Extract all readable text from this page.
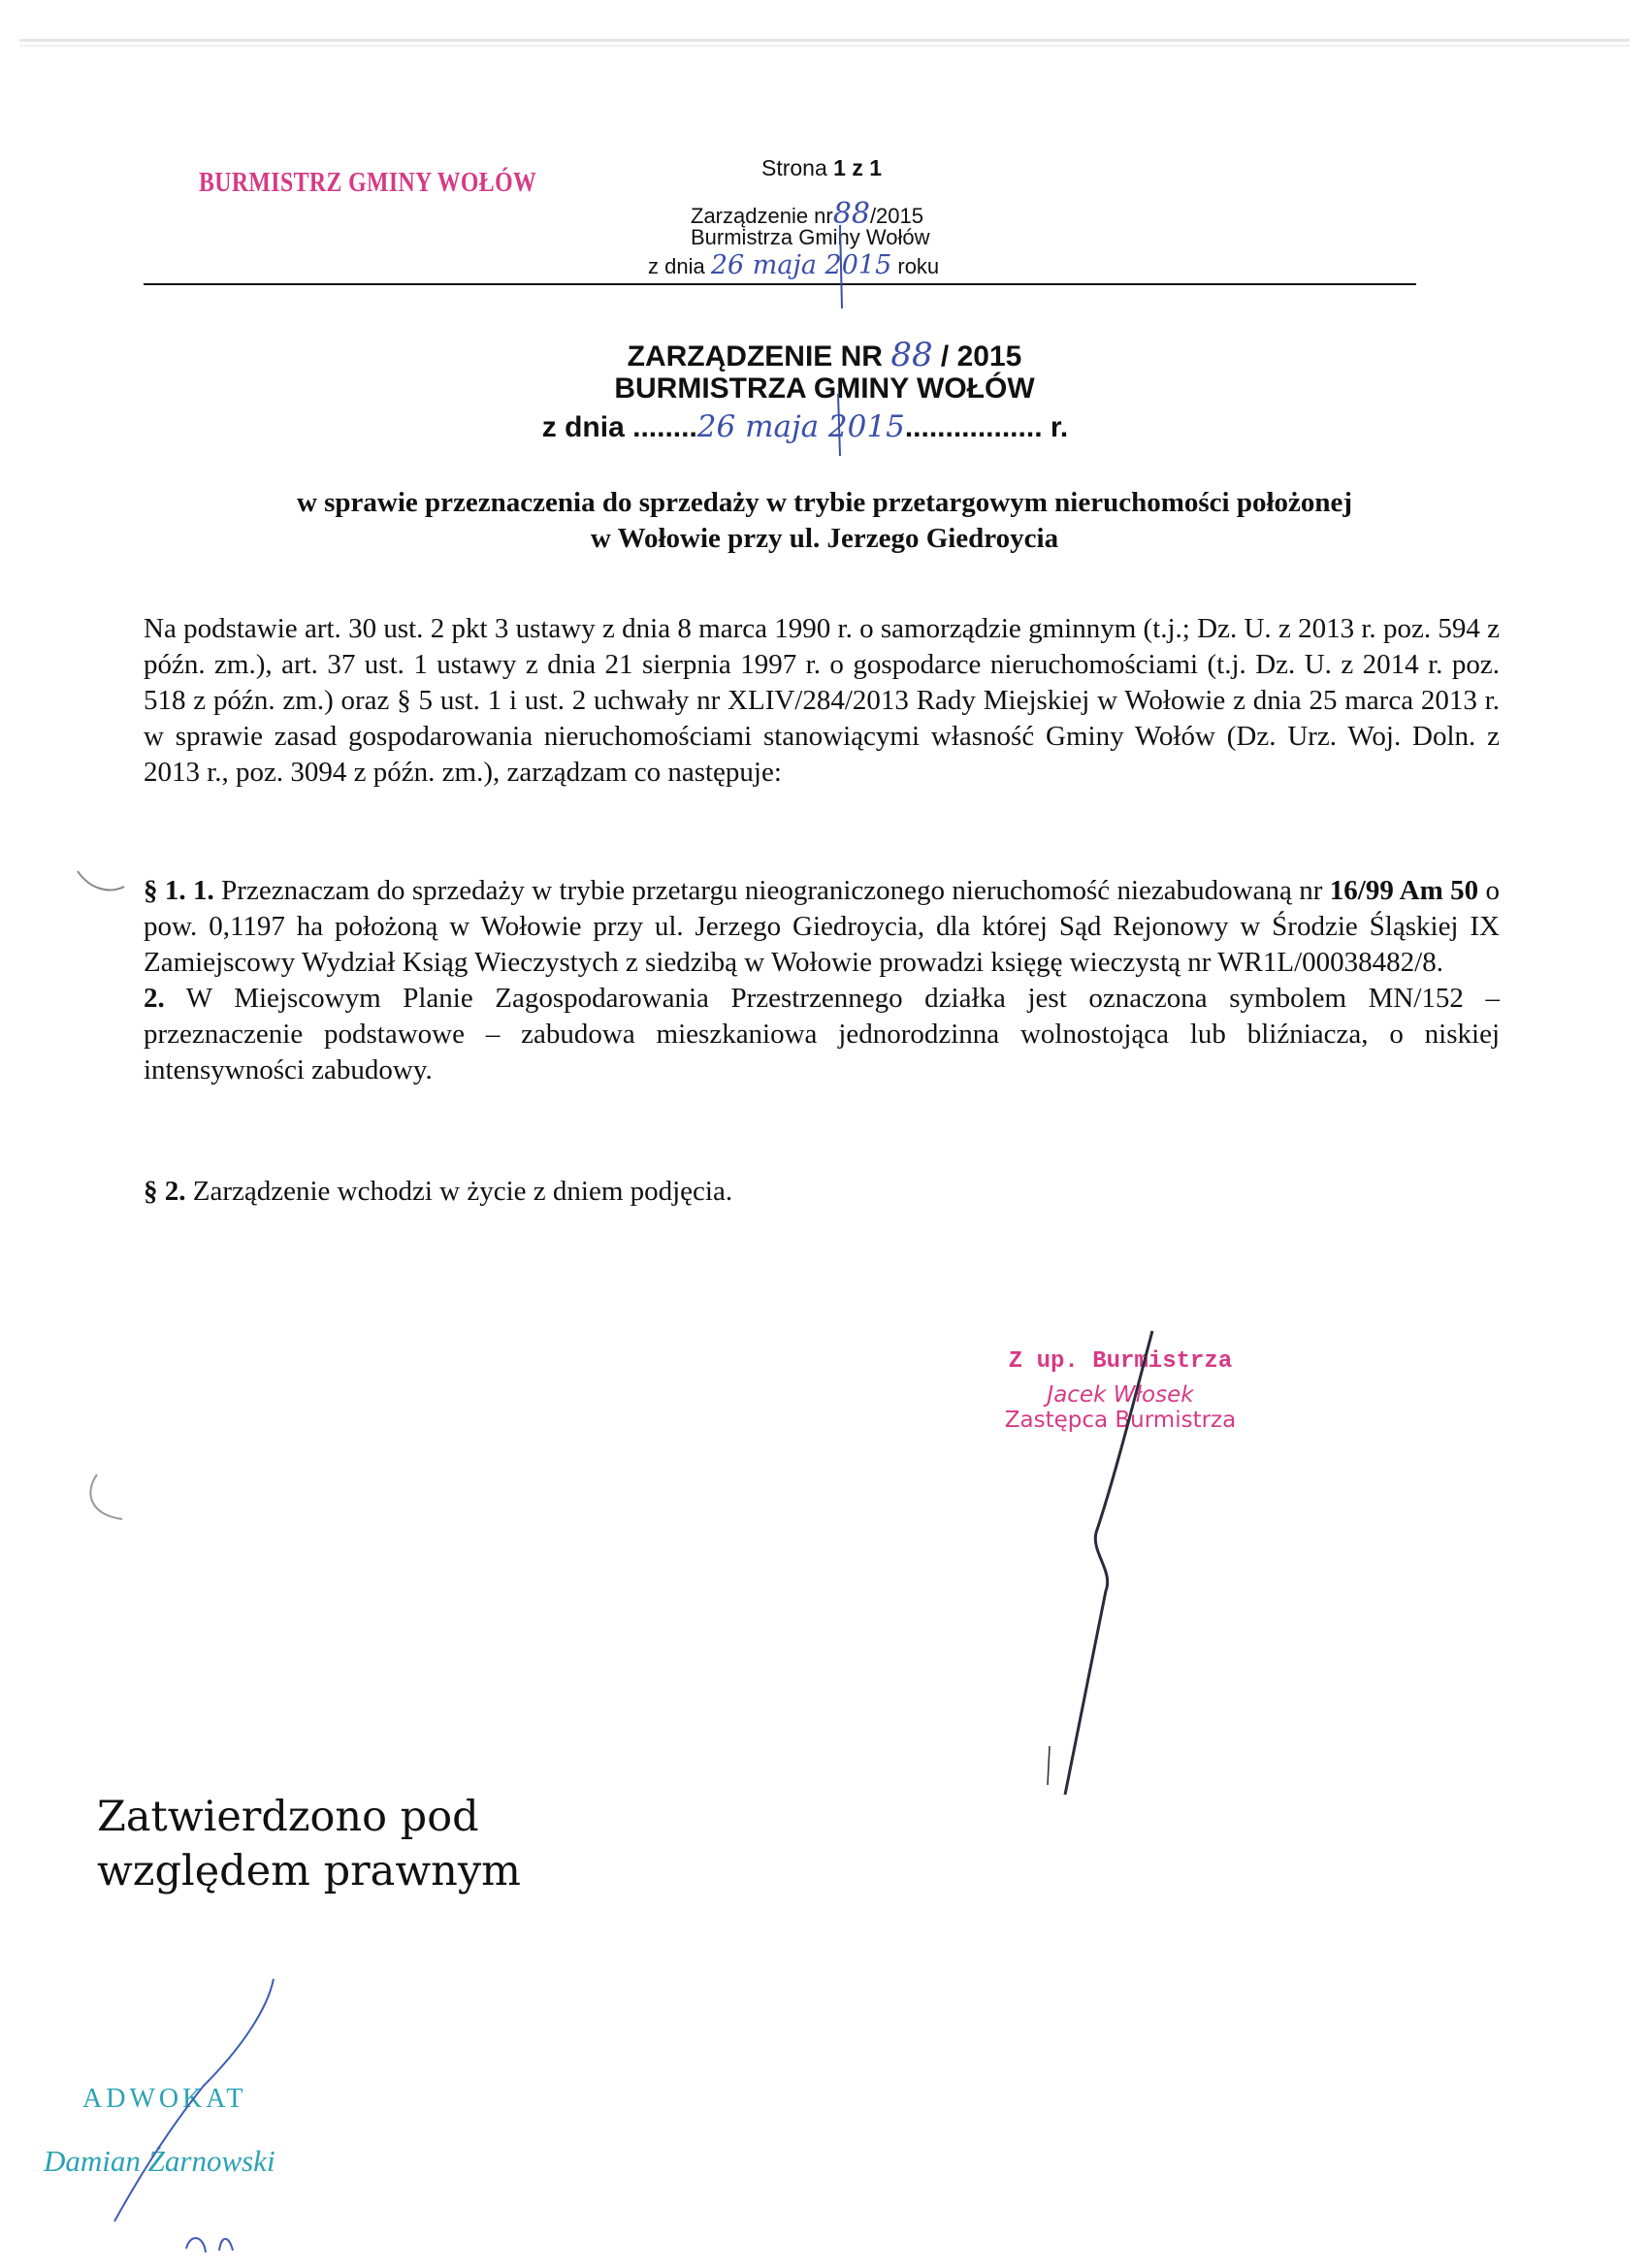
BURMISTRZ GMINY WOŁÓW	Strona 1 z 1
Zarządzenie nr88/2015
Burmistrza Gminy Wołów
z dnia 26 maja 2015 roku
ZARZĄDZENIE NR 88 / 2015
BURMISTRZA GMINY WOŁÓW
z dnia ........26 maja 2015................. r.
w sprawie przeznaczenia do sprzedaży w trybie przetargowym nieruchomości położonej
w Wołowie przy ul. Jerzego Giedroycia

Na podstawie art. 30 ust. 2 pkt 3 ustawy z dnia 8 marca 1990 r. o samorządzie gminnym (t.j.; Dz. U. z 2013 r. poz. 594 z późn. zm.), art. 37 ust. 1 ustawy z dnia 21 sierpnia 1997 r. o gospodarce nieruchomościami (t.j. Dz. U. z 2014 r. poz. 518 z późn. zm.) oraz § 5 ust. 1 i ust. 2 uchwały nr XLIV/284/2013 Rady Miejskiej w Wołowie z dnia 25 marca 2013 r. w sprawie zasad gospodarowania nieruchomościami stanowiącymi własność Gminy Wołów (Dz. Urz. Woj. Doln. z 2013 r., poz. 3094 z późn. zm.), zarządzam co następuje:

§ 1. 1. Przeznaczam do sprzedaży w trybie przetargu nieograniczonego nieruchomość niezabudowaną nr 16/99 Am 50 o pow. 0,1197 ha położoną w Wołowie przy ul. Jerzego Giedroycia, dla której Sąd Rejonowy w Środzie Śląskiej IX Zamiejscowy Wydział Ksiąg Wieczystych z siedzibą w Wołowie prowadzi księgę wieczystą nr WR1L/00038482/8.

2. W Miejscowym Planie Zagospodarowania Przestrzennego działka jest oznaczona symbolem MN/152 – przeznaczenie podstawowe – zabudowa mieszkaniowa jednorodzinna wolnostojąca lub bliźniacza, o niskiej intensywności zabudowy.

§ 2. Zarządzenie wchodzi w życie z dniem podjęcia.

Z up. Burmistrza
Jacek Włosek
Zastępca Burmistrza
Zatwierdzono pod
względem prawnym
ADWOKAT
Damian Żarnowski
